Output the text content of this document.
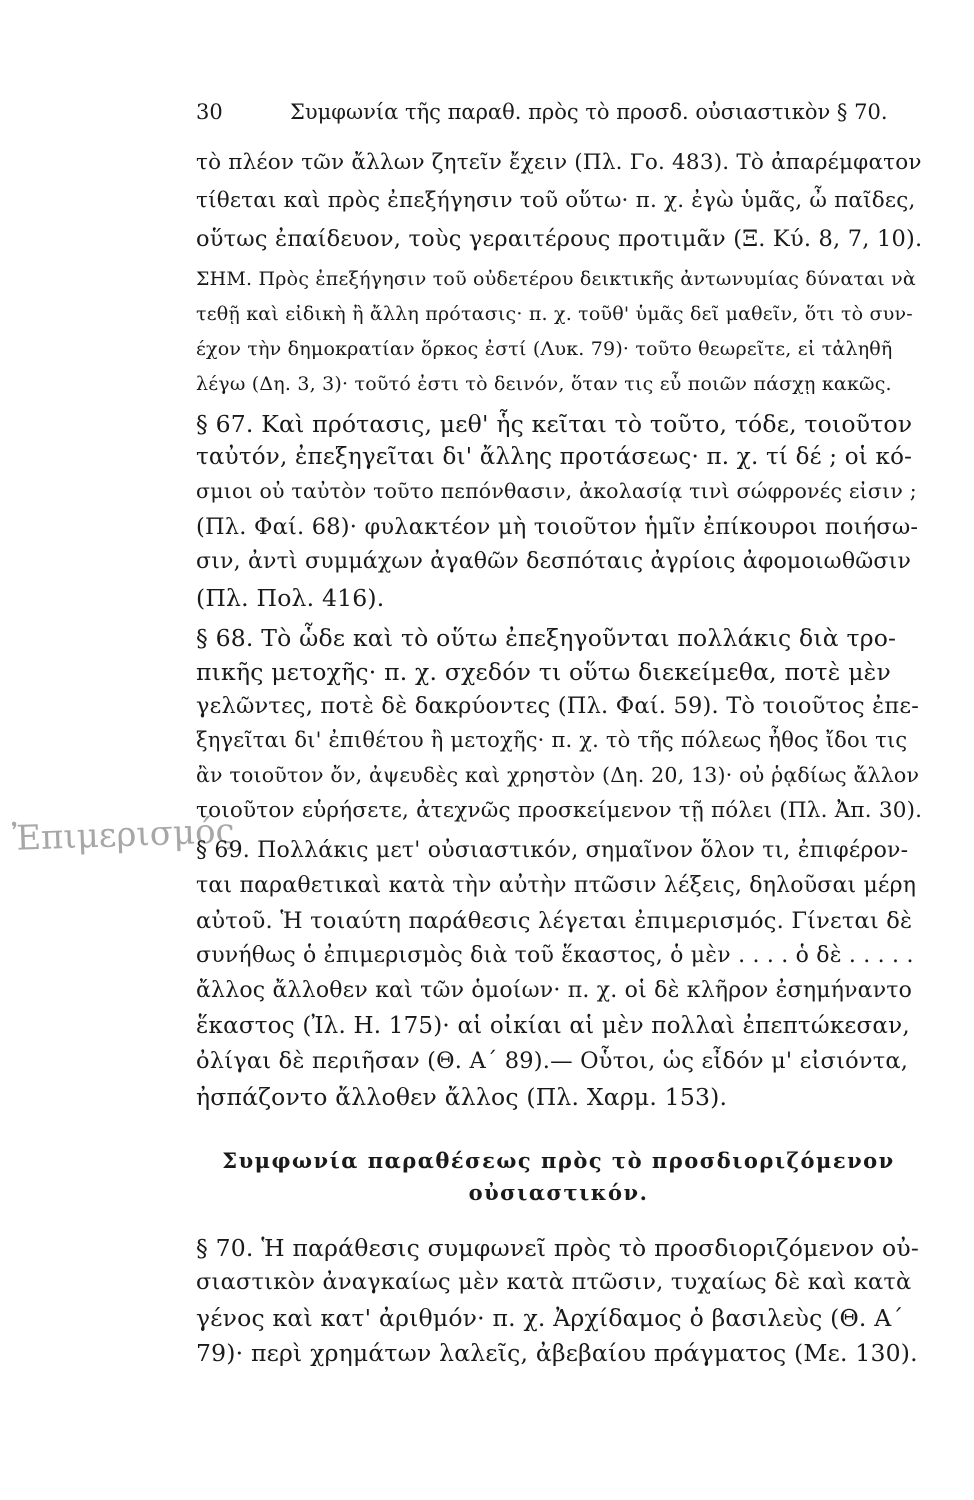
30	Συμφωνία τῆς παραθ. πρὸς τὸ προσδ. οὐσιαστικὸν § 70.
τὸ πλέον τῶν ἄλλων ζητεῖν ἔχειν (Πλ. Γο. 483). Τὸ ἀπαρέμφατον
τίθεται καὶ πρὸς ἐπεξήγησιν τοῦ οὕτω· π. χ. ἐγὼ ὑμᾶς, ὦ παῖδες,
οὕτως ἐπαίδευον, τοὺς γεραιτέρους προτιμᾶν (Ξ. Κύ. 8, 7, 10).
ΣΗΜ. Πρὸς ἐπεξήγησιν τοῦ οὐδετέρου δεικτικῆς ἀντωνυμίας δύναται νὰ
τεθῇ καὶ εἰδικὴ ἢ ἄλλη πρότασις· π. χ. τοῦθ' ὑμᾶς δεῖ μαθεῖν, ὅτι τὸ συν-
έχον τὴν δημοκρατίαν ὅρκος ἐστί (Λυκ. 79)· τοῦτο θεωρεῖτε, εἰ τἀληθῆ
λέγω (Δη. 3, 3)· τοῦτό ἐστι τὸ δεινόν, ὅταν τις εὖ ποιῶν πάσχῃ κακῶς.
§ 67. Καὶ πρότασις, μεθ' ἧς κεῖται τὸ τοῦτο, τόδε, τοιοῦτον
ταὐτόν, ἐπεξηγεῖται δι' ἄλλης προτάσεως· π. χ. τί δέ ; οἱ κό-
σμιοι οὐ ταὐτὸν τοῦτο πεπόνθασιν, ἀκολασίᾳ τινὶ σώφρονές εἰσιν ;
(Πλ. Φαί. 68)· φυλακτέον μὴ τοιοῦτον ἡμῖν ἐπίκουροι ποιήσω-
σιν, ἀντὶ συμμάχων ἀγαθῶν δεσπόταις ἀγρίοις ἀφομοιωθῶσιν
(Πλ. Πολ. 416).
§ 68. Τὸ ὧδε καὶ τὸ οὕτω ἐπεξηγοῦνται πολλάκις διὰ τρο-
πικῆς μετοχῆς· π. χ. σχεδόν τι οὕτω διεκείμεθα, ποτὲ μὲν
γελῶντες, ποτὲ δὲ δακρύοντες (Πλ. Φαί. 59). Τὸ τοιοῦτος ἐπε-
ξηγεῖται δι' ἐπιθέτου ἢ μετοχῆς· π. χ. τὸ τῆς πόλεως ἦθος ἴδοι τις
ἂν τοιοῦτον ὄν, ἀψευδὲς καὶ χρηστὸν (Δη. 20, 13)· οὐ ῥᾳδίως ἄλλον
τοιοῦτον εὑρήσετε, ἀτεχνῶς προσκείμενον τῇ πόλει (Πλ. Ἀπ. 30).
Ἐπιμερισμός
§ 69. Πολλάκις μετ' οὐσιαστικόν, σημαῖνον ὅλον τι, ἐπιφέρον-
ται παραθετικαὶ κατὰ τὴν αὐτὴν πτῶσιν λέξεις, δηλοῦσαι μέρη
αὐτοῦ. Ἡ τοιαύτη παράθεσις λέγεται ἐπιμερισμός. Γίνεται δὲ
συνήθως ὁ ἐπιμερισμὸς διὰ τοῦ ἕκαστος, ὁ μὲν . . . . ὁ δὲ . . . . .
ἄλλος ἄλλοθεν καὶ τῶν ὁμοίων· π. χ. οἱ δὲ κλῆρον ἐσημήναντο
ἕκαστος (Ἰλ. Η. 175)· αἱ οἰκίαι αἱ μὲν πολλαὶ ἐπεπτώκεσαν,
ὀλίγαι δὲ περιῆσαν (Θ. Α΄ 89).— Οὗτοι, ὡς εἶδόν μ' εἰσιόντα,
ἠσπάζοντο ἄλλοθεν ἄλλος (Πλ. Χαρμ. 153).
Συμφωνία παραθέσεως πρὸς τὸ προσδιοριζόμενον
οὐσιαστικόν.
§ 70. Ἡ παράθεσις συμφωνεῖ πρὸς τὸ προσδιοριζόμενον οὐ-
σιαστικὸν ἀναγκαίως μὲν κατὰ πτῶσιν, τυχαίως δὲ καὶ κατὰ
γένος καὶ κατ' ἀριθμόν· π. χ. Ἀρχίδαμος ὁ βασιλεὺς (Θ. Α΄
79)· περὶ χρημάτων λαλεῖς, ἀβεβαίου πράγματος (Με. 130).
